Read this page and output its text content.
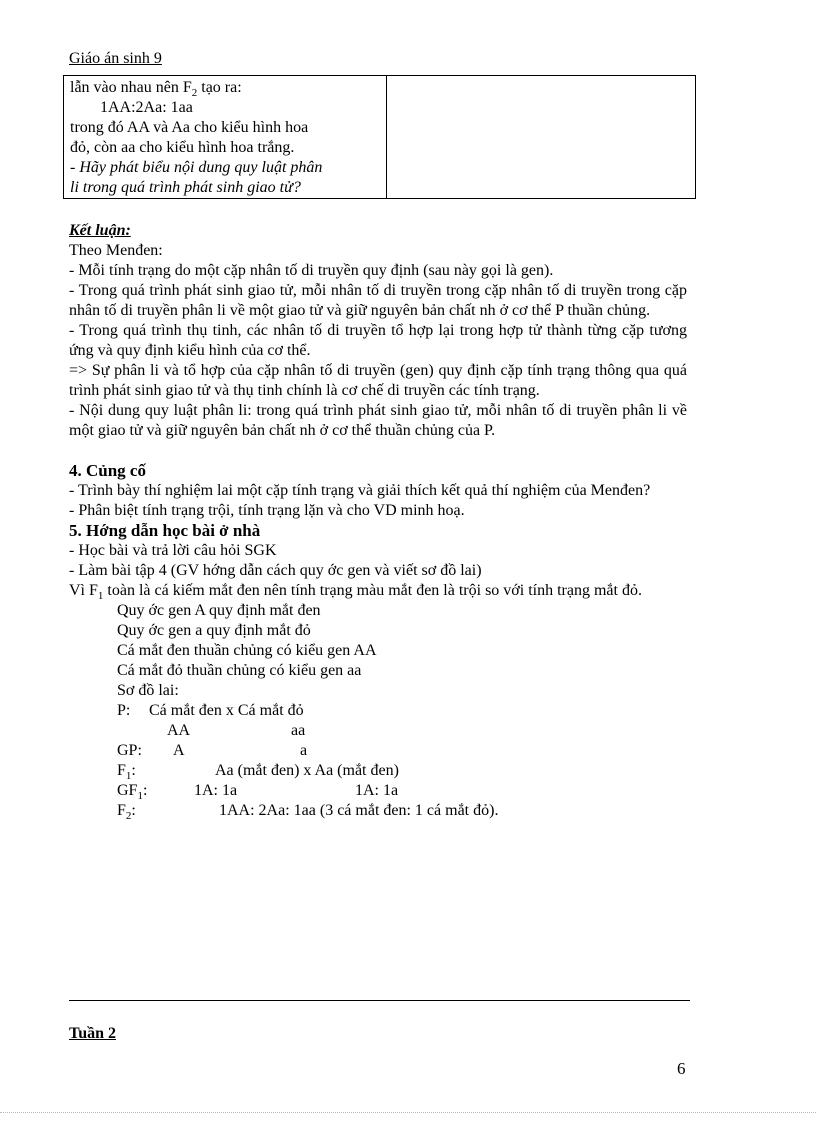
Giáo án sinh 9
lẫn vào nhau nên $F_2$ tạo ra:
1AA:2Aa: 1aa
trong đó AA và Aa cho kiểu hình hoa
đỏ, còn aa cho kiểu hình hoa trắng.
- Hãy phát biểu nội dung quy luật phân
li trong quá trình phát sinh giao tử?

Kết luận:
Theo Menđen:
- Mỗi tính trạng do một cặp nhân tố di truyền quy định (sau này gọi là gen).
- Trong quá trình phát sinh giao tử, mỗi nhân tố di truyền trong cặp nhân tố di truyền trong cặp nhân tố di truyền phân li về một giao tử và giữ nguyên bản chất nh ở cơ thể P thuần chủng.
- Trong quá trình thụ tinh, các nhân tố di truyền tổ hợp lại trong hợp tử thành từng cặp tương ứng và quy định kiểu hình của cơ thể.
=> Sự phân li và tổ hợp của cặp nhân tố di truyền (gen) quy định cặp tính trạng thông qua quá trình phát sinh giao tử và thụ tinh chính là cơ chế di truyền các tính trạng.
- Nội dung quy luật phân li: trong quá trình phát sinh giao tử, mỗi nhân tố di truyền phân li về một giao tử và giữ nguyên bản chất nh ở cơ thể thuần chủng của P.
4. Củng cố
- Trình bày thí nghiệm lai một cặp tính trạng và giải thích kết quả thí nghiệm của Menđen?
- Phân biệt tính trạng trội, tính trạng lặn và cho VD minh hoạ.
5. Hớng dẫn học bài ở nhà
- Học bài và trả lời câu hỏi SGK
- Làm bài tập 4 (GV hớng dẫn cách quy ớc gen và viết sơ đồ lai)
Vì $F_1$ toàn là cá kiếm mắt đen nên tính trạng màu mắt đen là trội so với tính trạng mắt đỏ.
Quy ớc gen A quy định mắt đen
Quy ớc gen a quy định mắt đỏ
Cá mắt đen thuần chủng có kiểu gen AA
Cá mắt đỏ thuần chủng có kiểu gen aa
Sơ đồ lai:
P: Cá mắt đen x Cá mắt đỏ
AA	aa
GP: A	a
$F_1$:	Aa (mắt đen) x Aa (mắt đen)
$GF_1$:	1A: 1a	1A: 1a
$F_2$:	1AA: 2Aa: 1aa (3 cá mắt đen: 1 cá mắt đỏ).
Tuần 2
6
